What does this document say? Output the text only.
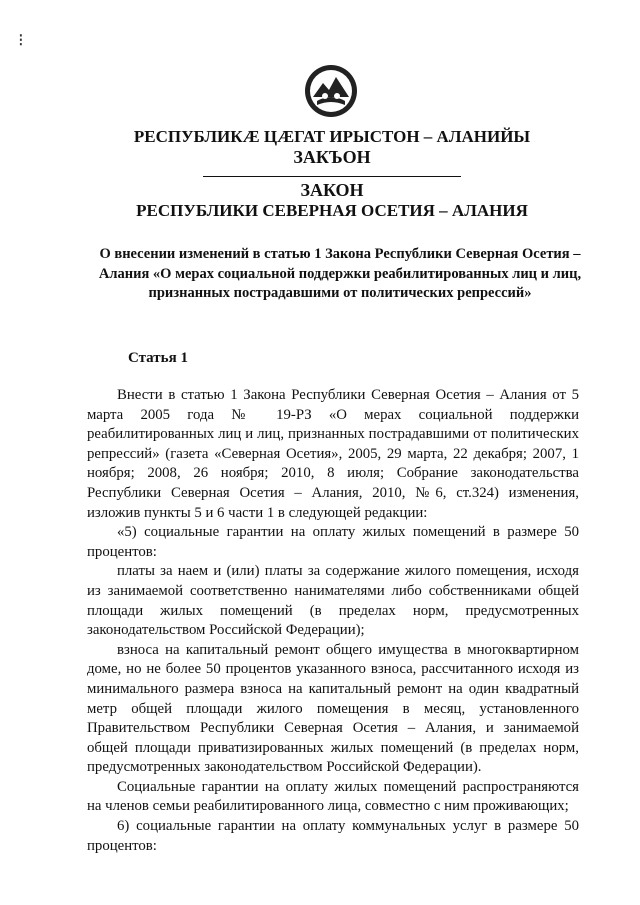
⁝
РЕСПУБЛИКӔ ЦӔГАТ ИРЫСТОН – АЛАНИЙЫ
ЗАКЪОН
ЗАКОН
РЕСПУБЛИКИ СЕВЕРНАЯ ОСЕТИЯ – АЛАНИЯ
О внесении изменений в статью 1 Закона Республики Северная Осетия – Алания «О мерах социальной поддержки реабилитированных лиц и лиц, признанных пострадавшими от политических репрессий»
Статья 1

Внести в статью 1 Закона Республики Северная Осетия – Алания от 5 марта 2005 года № 19-РЗ «О мерах социальной поддержки реабилитированных лиц и лиц, признанных пострадавшими от политических репрессий» (газета «Северная Осетия», 2005, 29 марта, 22 декабря; 2007, 1 ноября; 2008, 26 ноября; 2010, 8 июля; Собрание законодательства Республики Северная Осетия – Алания, 2010, №6, ст.324) изменения, изложив пункты 5 и 6 части 1 в следующей редакции:

«5) социальные гарантии на оплату жилых помещений в размере 50 процентов:

платы за наем и (или) платы за содержание жилого помещения, исходя из занимаемой соответственно нанимателями либо собственниками общей площади жилых помещений (в пределах норм, предусмотренных законодательством Российской Федерации);

взноса на капитальный ремонт общего имущества в многоквартирном доме, но не более 50 процентов указанного взноса, рассчитанного исходя из минимального размера взноса на капитальный ремонт на один квадратный метр общей площади жилого помещения в месяц, установленного Правительством Республики Северная Осетия – Алания, и занимаемой общей площади приватизированных жилых помещений (в пределах норм, предусмотренных законодательством Российской Федерации).

Социальные гарантии на оплату жилых помещений распространяются на членов семьи реабилитированного лица, совместно с ним проживающих;

6) социальные гарантии на оплату коммунальных услуг в размере 50 процентов:
